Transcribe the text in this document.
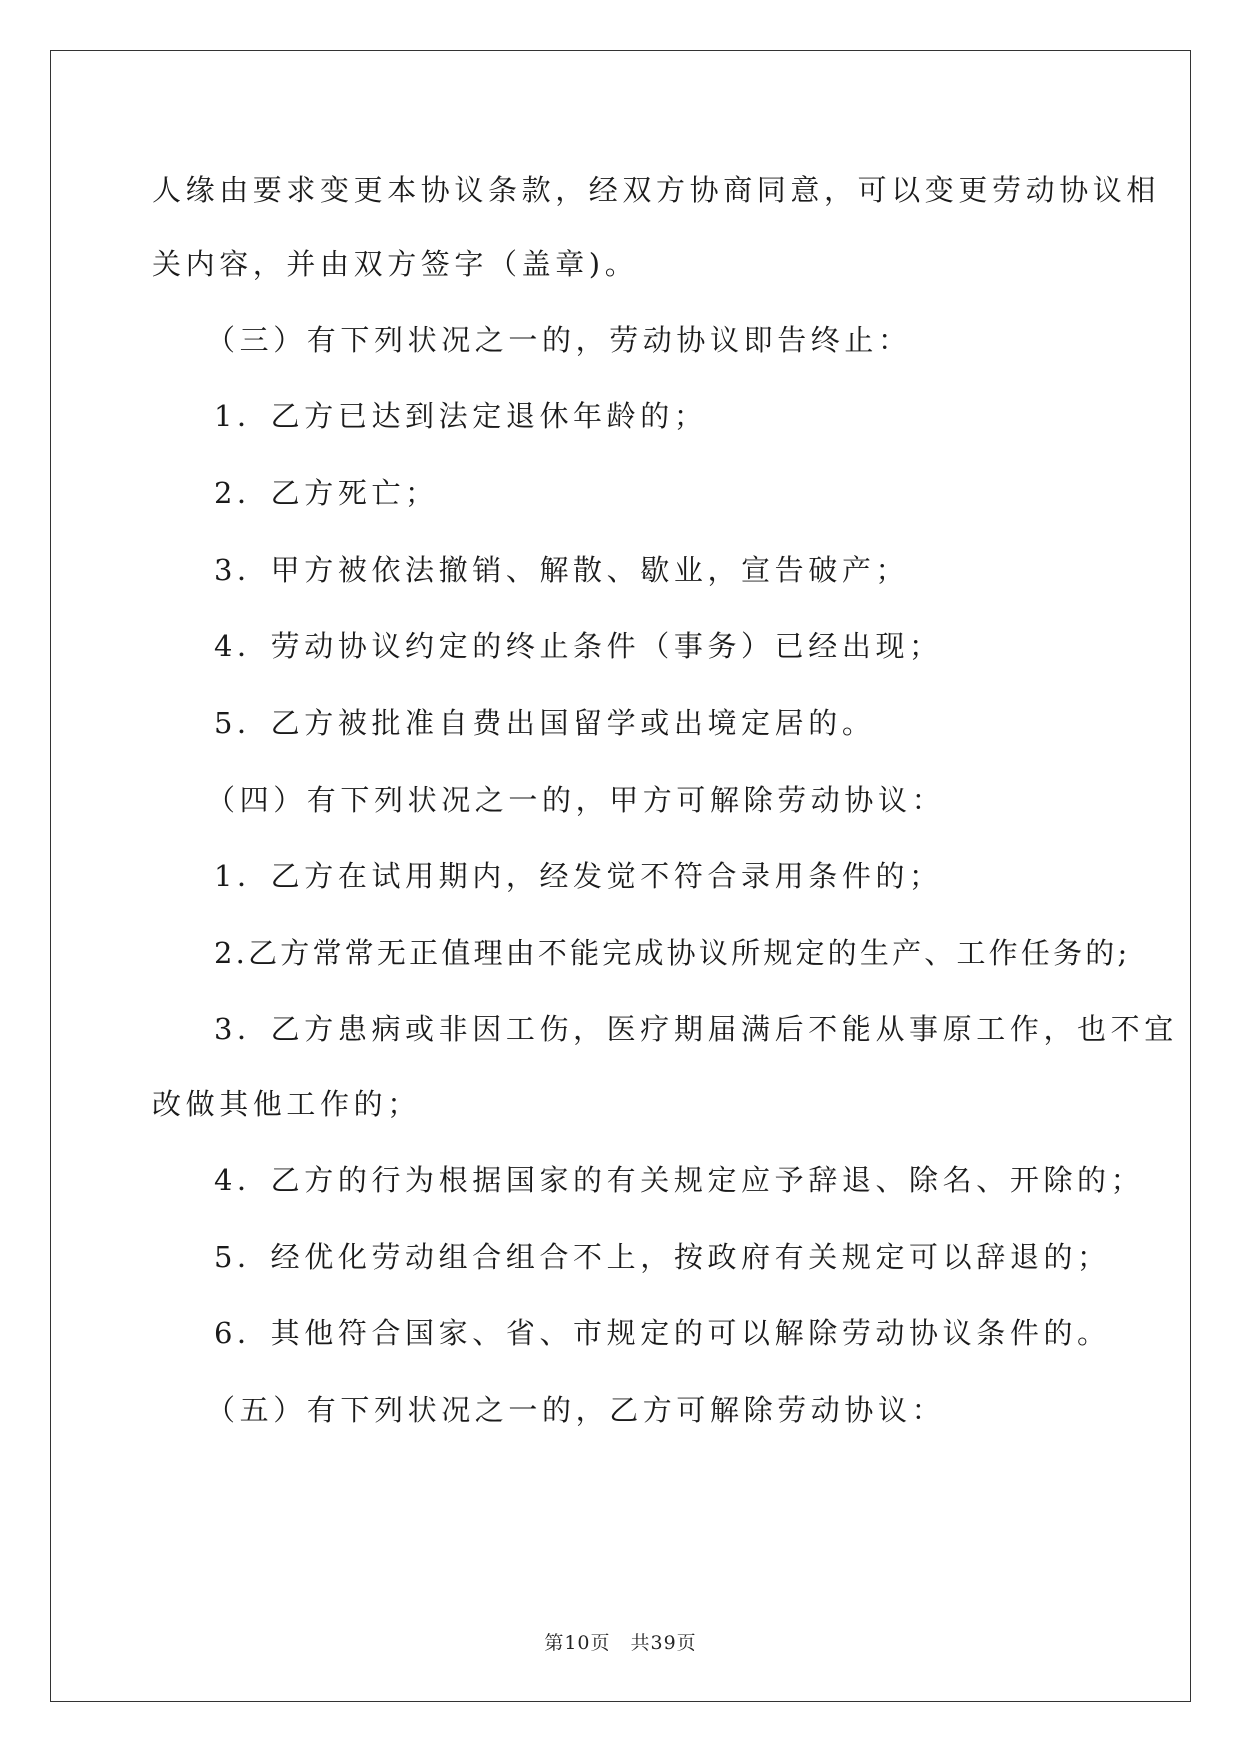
人缘由要求变更本协议条款，经双方协商同意，可以变更劳动协议相
关内容，并由双方签字（盖章)。
（三）有下列状况之一的，劳动协议即告终止：
1．乙方已达到法定退休年龄的；
2．乙方死亡；
3．甲方被依法撤销、解散、歇业，宣告破产；
4．劳动协议约定的终止条件（事务）已经出现；
5．乙方被批准自费出国留学或出境定居的。
（四）有下列状况之一的，甲方可解除劳动协议：
1．乙方在试用期内，经发觉不符合录用条件的；
2.乙方常常无正值理由不能完成协议所规定的生产、工作任务的;
3．乙方患病或非因工伤，医疗期届满后不能从事原工作，也不宜
改做其他工作的；
4．乙方的行为根据国家的有关规定应予辞退、除名、开除的；
5．经优化劳动组合组合不上，按政府有关规定可以辞退的；
6．其他符合国家、省、市规定的可以解除劳动协议条件的。
（五）有下列状况之一的，乙方可解除劳动协议：
第10页　共39页
